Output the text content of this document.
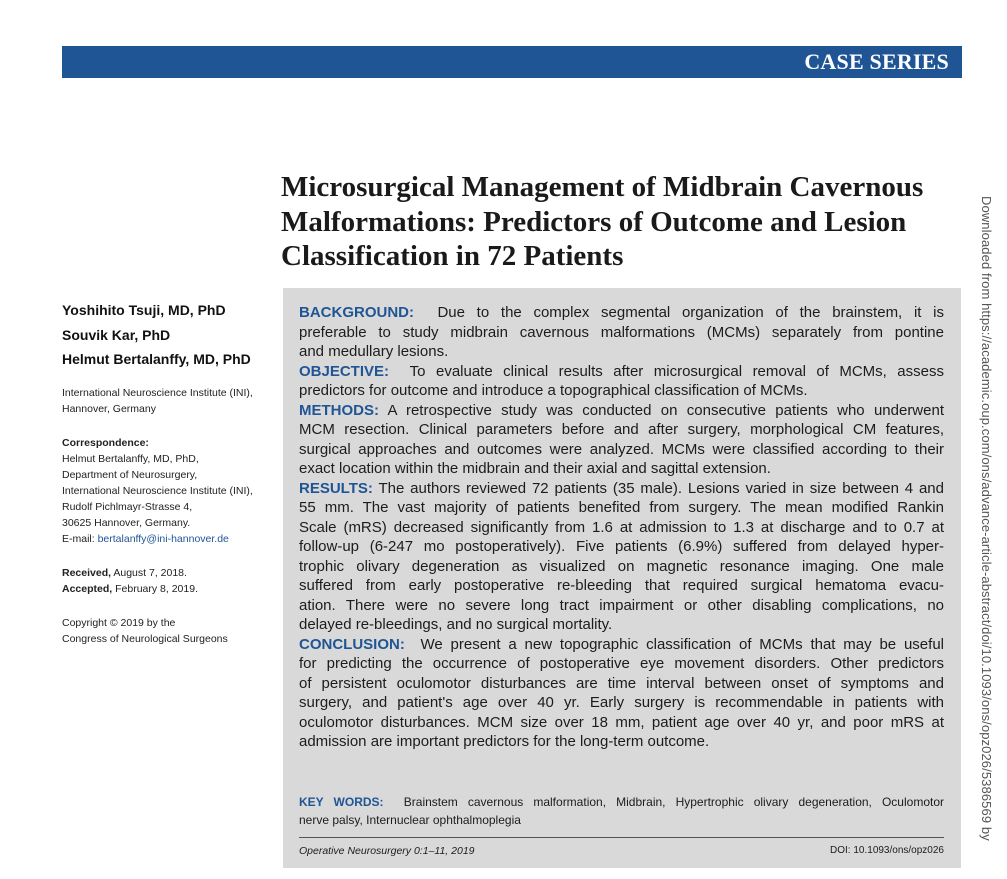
CASE SERIES
Microsurgical Management of Midbrain Cavernous
Malformations: Predictors of Outcome and Lesion
Classification in 72 Patients
Yoshihito Tsuji, MD, PhD
Souvik Kar, PhD
Helmut Bertalanffy, MD, PhD
International Neuroscience Institute (INI),
Hannover, Germany
Correspondence:
Helmut Bertalanffy, MD, PhD,
Department of Neurosurgery,
International Neuroscience Institute (INI),
Rudolf Pichlmayr-Strasse 4,
30625 Hannover, Germany.
E-mail: bertalanffy@ini-hannover.de
Received, August 7, 2018.
Accepted, February 8, 2019.
Copyright © 2019 by the
Congress of Neurological Surgeons
BACKGROUND: Due to the complex segmental organization of the brainstem, it is
preferable to study midbrain cavernous malformations (MCMs) separately from pontine
and medullary lesions.
OBJECTIVE: To evaluate clinical results after microsurgical removal of MCMs, assess
predictors for outcome and introduce a topographical classification of MCMs.
METHODS: A retrospective study was conducted on consecutive patients who underwent
MCM resection. Clinical parameters before and after surgery, morphological CM features,
surgical approaches and outcomes were analyzed. MCMs were classified according to their
exact location within the midbrain and their axial and sagittal extension.
RESULTS: The authors reviewed 72 patients (35 male). Lesions varied in size between 4 and
55 mm. The vast majority of patients benefited from surgery. The mean modified Rankin
Scale (mRS) decreased significantly from 1.6 at admission to 1.3 at discharge and to 0.7 at
follow-up (6-247 mo postoperatively). Five patients (6.9%) suffered from delayed hyper-
trophic olivary degeneration as visualized on magnetic resonance imaging. One male
suffered from early postoperative re-bleeding that required surgical hematoma evacu-
ation. There were no severe long tract impairment or other disabling complications, no
delayed re-bleedings, and no surgical mortality.
CONCLUSION: We present a new topographic classification of MCMs that may be useful
for predicting the occurrence of postoperative eye movement disorders. Other predictors
of persistent oculomotor disturbances are time interval between onset of symptoms and
surgery, and patient's age over 40 yr. Early surgery is recommendable in patients with
oculomotor disturbances. MCM size over 18 mm, patient age over 40 yr, and poor mRS at
admission are important predictors for the long-term outcome.
KEY WORDS: Brainstem cavernous malformation, Midbrain, Hypertrophic olivary degeneration, Oculomotor
nerve palsy, Internuclear ophthalmoplegia
Operative Neurosurgery 0:1–11, 2019	DOI: 10.1093/ons/opz026
Downloaded from https://academic.oup.com/ons/advance-article-abstract/doi/10.1093/ons/opz026/5386569 by
